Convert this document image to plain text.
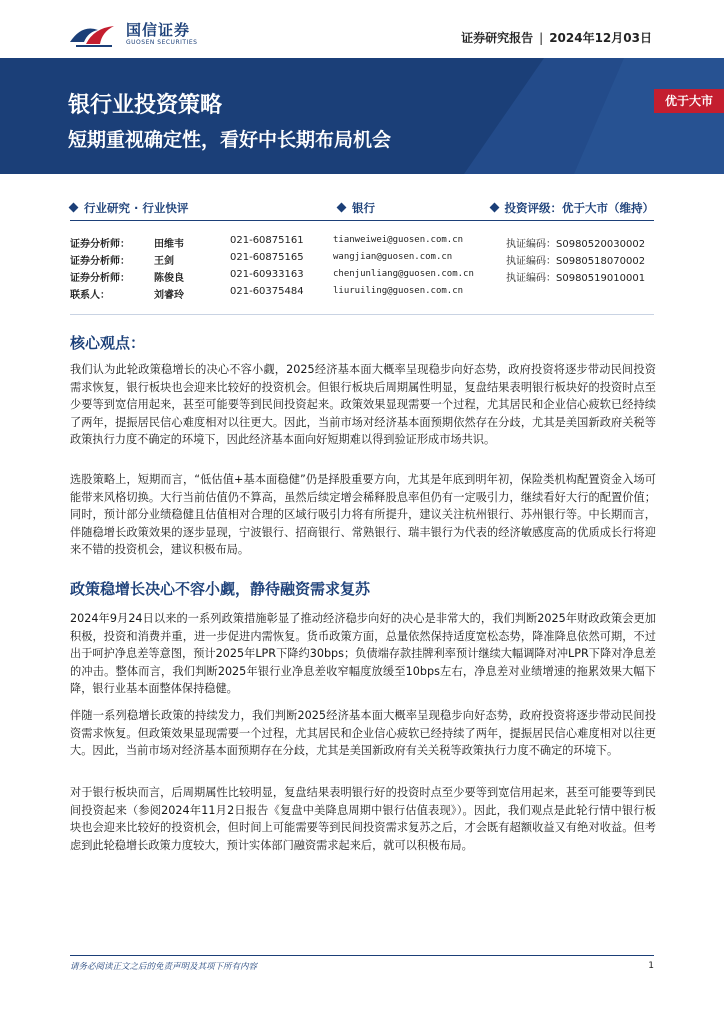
国信证券
GUOSEN SECURITIES	证券研究报告 | 2024年12月03日
银行业投资策略
短期重视确定性，看好中长期布局机会
优于大市
行业研究 · 行业快评	银行	投资评级：优于大市（维持）
证券分析师： 田维韦	021-60875161	tianweiwei@guosen.com.cn	执证编码：S0980520030002
证券分析师： 王剑	021-60875165	wangjian@guosen.com.cn	执证编码：S0980518070002
证券分析师： 陈俊良	021-60933163	chenjunliang@guosen.com.cn	执证编码：S0980519010001
联系人：	刘睿玲	021-60375484	liuruiling@guosen.com.cn
核心观点：

我们认为此轮政策稳增长的决心不容小觑，2025经济基本面大概率呈现稳步向好态势，政府投资将逐步带动民间投资需求恢复，银行板块也会迎来比较好的投资机会。但银行板块后周期属性明显，复盘结果表明银行板块好的投资时点至少要等到宽信用起来，甚至可能要等到民间投资起来。政策效果显现需要一个过程，尤其居民和企业信心疲软已经持续了两年，提振居民信心难度相对以往更大。因此，当前市场对经济基本面预期依然存在分歧，尤其是美国新政府关税等政策执行力度不确定的环境下，因此经济基本面向好短期难以得到验证形成市场共识。

选股策略上，短期而言，“低估值+基本面稳健”仍是择股重要方向，尤其是年底到明年初，保险类机构配置资金入场可能带来风格切换。大行当前估值仍不算高，虽然后续定增会稀释股息率但仍有一定吸引力，继续看好大行的配置价值；同时，预计部分业绩稳健且估值相对合理的区域行吸引力将有所提升，建议关注杭州银行、苏州银行等。中长期而言，伴随稳增长政策效果的逐步显现，宁波银行、招商银行、常熟银行、瑞丰银行为代表的经济敏感度高的优质成长行将迎来不错的投资机会，建议积极布局。

政策稳增长决心不容小觑，静待融资需求复苏

2024年9月24日以来的一系列政策措施彰显了推动经济稳步向好的决心是非常大的，我们判断2025年财政政策会更加积极，投资和消费并重，进一步促进内需恢复。货币政策方面，总量依然保持适度宽松态势，降准降息依然可期，不过出于呵护净息差等意图，预计2025年LPR下降约30bps；负债端存款挂牌利率预计继续大幅调降对冲LPR下降对净息差的冲击。整体而言，我们判断2025年银行业净息差收窄幅度放缓至10bps左右，净息差对业绩增速的拖累效果大幅下降，银行业基本面整体保持稳健。

伴随一系列稳增长政策的持续发力，我们判断2025经济基本面大概率呈现稳步向好态势，政府投资将逐步带动民间投资需求恢复。但政策效果显现需要一个过程，尤其居民和企业信心疲软已经持续了两年，提振居民信心难度相对以往更大。因此，当前市场对经济基本面预期存在分歧，尤其是美国新政府有关关税等政策执行力度不确定的环境下。

对于银行板块而言，后周期属性比较明显，复盘结果表明银行好的投资时点至少要等到宽信用起来，甚至可能要等到民间投资起来（参阅2024年11月2日报告《复盘中美降息周期中银行估值表现》）。因此，我们观点是此轮行情中银行板块也会迎来比较好的投资机会，但时间上可能需要等到民间投资需求复苏之后，才会既有超额收益又有绝对收益。但考虑到此轮稳增长政策力度较大，预计实体部门融资需求起来后，就可以积极布局。

请务必阅读正文之后的免责声明及其项下所有内容	1
